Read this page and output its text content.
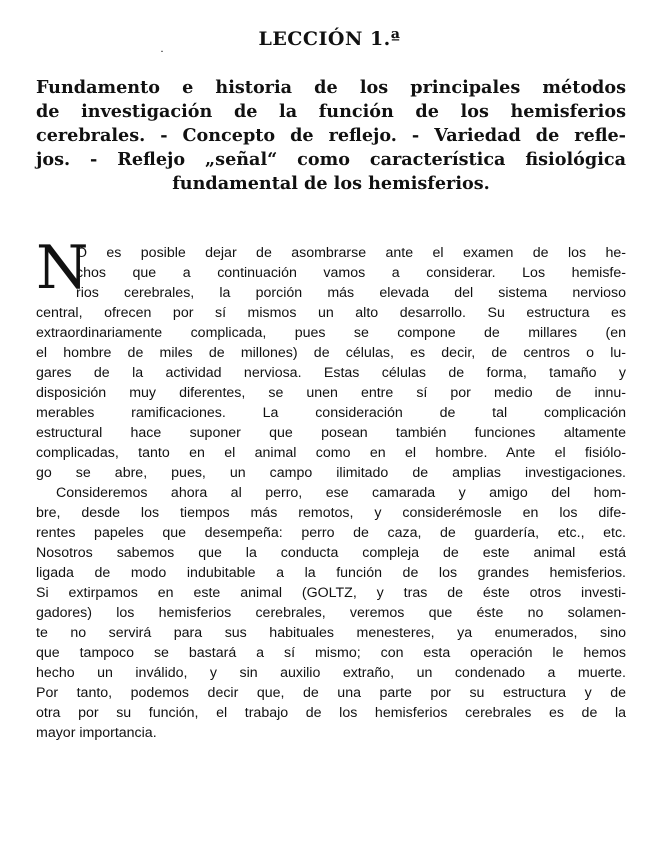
·
LECCIÓN 1.ª
Fundamento e historia de los principales métodos
de investigación de la función de los hemisferios
cerebrales. - Concepto de reflejo. - Variedad de refle-
jos. - Reflejo „señal“ como característica fisiológica
fundamental de los hemisferios.
N
O es posible dejar de asombrarse ante el examen de los he-
chos que a continuación vamos a considerar. Los hemisfe-
rios cerebrales, la porción más elevada del sistema nervioso
central, ofrecen por sí mismos un alto desarrollo. Su estructura es
extraordinariamente complicada, pues se compone de millares (en
el hombre de miles de millones) de células, es decir, de centros o lu-
gares de la actividad nerviosa. Estas células de forma, tamaño y
disposición muy diferentes, se unen entre sí por medio de innu-
merables ramificaciones. La consideración de tal complicación
estructural hace suponer que posean también funciones altamente
complicadas, tanto en el animal como en el hombre. Ante el fisiólo-
go se abre, pues, un campo ilimitado de amplias investigaciones.
Consideremos ahora al perro, ese camarada y amigo del hom-
bre, desde los tiempos más remotos, y considerémosle en los dife-
rentes papeles que desempeña: perro de caza, de guardería, etc., etc.
Nosotros sabemos que la conducta compleja de este animal está
ligada de modo indubitable a la función de los grandes hemisferios.
Si extirpamos en este animal (GOLTZ, y tras de éste otros investi-
gadores) los hemisferios cerebrales, veremos que éste no solamen-
te no servirá para sus habituales menesteres, ya enumerados, sino
que tampoco se bastará a sí mismo; con esta operación le hemos
hecho un inválido, y sin auxilio extraño, un condenado a muerte.
Por tanto, podemos decir que, de una parte por su estructura y de
otra por su función, el trabajo de los hemisferios cerebrales es de la
mayor importancia.
